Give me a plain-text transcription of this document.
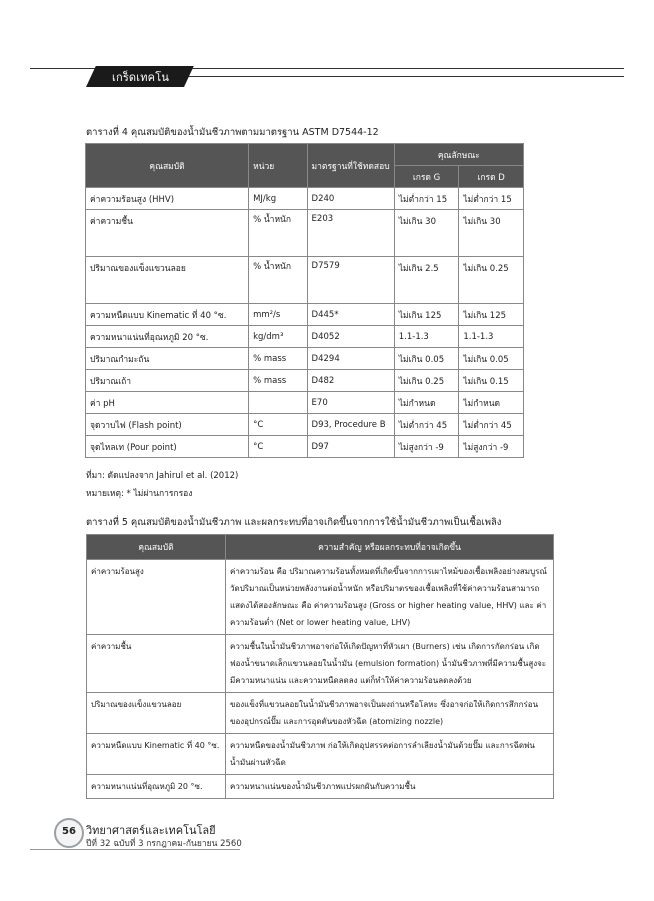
เกร็ดเทคโน
ตารางที่ 4 คุณสมบัติของน้ำมันชีวภาพตามมาตรฐาน ASTM D7544-12
คุณสมบัติ	หน่วย	มาตรฐานที่ใช้ทดสอบ	คุณลักษณะ	
			เกรด G	เกรด D
ค่าความร้อนสูง (HHV)	MJ/kg	D240	ไม่ต่ำกว่า 15	ไม่ต่ำกว่า 15
ค่าความชื้น	% น้ำหนัก	E203	ไม่เกิน 30	ไม่เกิน 30
ปริมาณของแข็งแขวนลอย	% น้ำหนัก	D7579	ไม่เกิน 2.5	ไม่เกิน 0.25
ความหนืดแบบ Kinematic ที่ 40 °ซ.	mm²/s	D445*	ไม่เกิน 125	ไม่เกิน 125
ความหนาแน่นที่อุณหภูมิ 20 °ซ.	kg/dm³	D4052	1.1-1.3	1.1-1.3
ปริมาณกำมะถัน	% mass	D4294	ไม่เกิน 0.05	ไม่เกิน 0.05
ปริมาณเถ้า	% mass	D482	ไม่เกิน 0.25	ไม่เกิน 0.15
ค่า pH		E70	ไม่กำหนด	ไม่กำหนด
จุดวาบไฟ (Flash point)	°C	D93, Procedure B	ไม่ต่ำกว่า 45	ไม่ต่ำกว่า 45
จุดไหลเท (Pour point)	°C	D97	ไม่สูงกว่า -9	ไม่สูงกว่า -9
ที่มา: ดัดแปลงจาก Jahirul et al. (2012)
หมายเหตุ: * ไม่ผ่านการกรอง
ตารางที่ 5 คุณสมบัติของน้ำมันชีวภาพ และผลกระทบที่อาจเกิดขึ้นจากการใช้น้ำมันชีวภาพเป็นเชื้อเพลิง
คุณสมบัติ	ความสำคัญ หรือผลกระทบที่อาจเกิดขึ้น
ค่าความร้อนสูง	ค่าความร้อน คือ ปริมาณความร้อนทั้งหมดที่เกิดขึ้นจากการเผาไหม้ของเชื้อเพลิงอย่างสมบูรณ์ วัดปริมาณเป็นหน่วยพลังงานต่อน้ำหนัก หรือปริมาตรของเชื้อเพลิงที่ใช้ค่าความร้อนสามารถแสดงได้สองลักษณะ คือ ค่าความร้อนสูง (Gross or higher heating value, HHV) และ ค่าความร้อนต่ำ (Net or lower heating value, LHV)
ค่าความชื้น	ความชื้นในน้ำมันชีวภาพอาจก่อให้เกิดปัญหาที่หัวเผา (Burners) เช่น เกิดการกัดกร่อน เกิดฟองน้ำขนาดเล็กแขวนลอยในน้ำมัน (emulsion formation) น้ำมันชีวภาพที่มีความชื้นสูงจะมีความหนาแน่น และความหนืดลดลง แต่ก็ทำให้ค่าความร้อนลดลงด้วย
ปริมาณของแข็งแขวนลอย	ของแข็งที่แขวนลอยในน้ำมันชีวภาพอาจเป็นผงถ่านหรือโลหะ ซึ่งอาจก่อให้เกิดการสึกกร่อนของอุปกรณ์ปั๊ม และการอุดตันของหัวฉีด (atomizing nozzle)
ความหนืดแบบ Kinematic ที่ 40 °ซ.	ความหนืดของน้ำมันชีวภาพ ก่อให้เกิดอุปสรรคต่อการลำเลียงน้ำมันด้วยปั๊ม และการฉีดพ่นน้ำมันผ่านหัวฉีด
ความหนาแน่นที่อุณหภูมิ 20 °ซ.	ความหนาแน่นของน้ำมันชีวภาพแปรผกผันกับความชื้น
56 วิทยาศาสตร์และเทคโนโลยี
ปีที่ 32 ฉบับที่ 3 กรกฎาคม-กันยายน 2560
